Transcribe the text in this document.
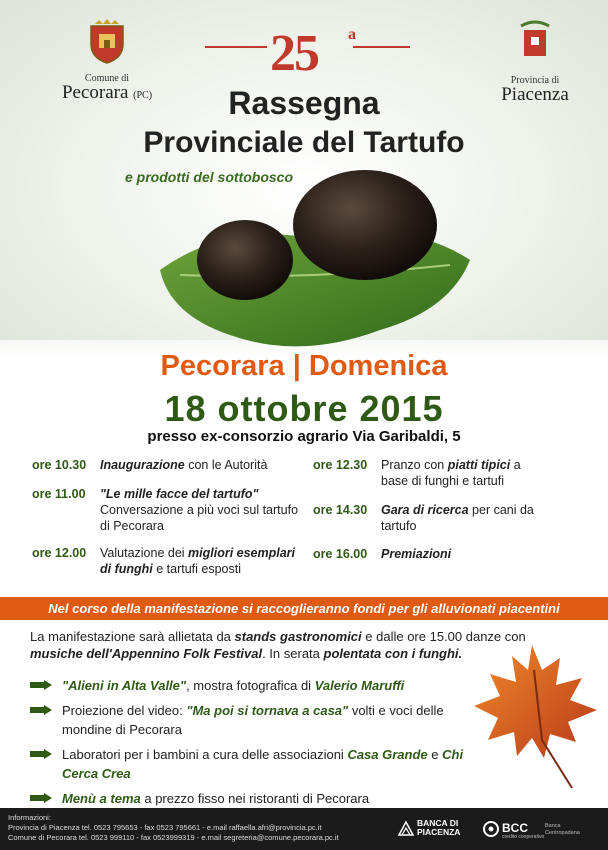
Comune di
Pecorara (PC)
Provincia di
Piacenza
25 a
Rassegna
Provinciale del Tartufo
e prodotti del sottobosco
Pecorara | Domenica
18 ottobre 2015
presso ex-consorzio agrario Via Garibaldi, 5
ore 10.30 Inaugurazione con le Autorità
ore 11.00 "Le mille facce del tartufo" Conversazione a più voci sul tartufo di Pecorara
ore 12.00 Valutazione dei migliori esemplari di funghi e tartufi esposti
ore 12.30 Pranzo con piatti tipici a base di funghi e tartufi
ore 14.30 Gara di ricerca per cani da tartufo
ore 16.00 Premiazioni
Nel corso della manifestazione si raccoglieranno fondi per gli alluvionati piacentini
La manifestazione sarà allietata da stands gastronomici e dalle ore 15.00 danze con musiche dell'Appennino Folk Festival. In serata polentata con i funghi.
"Alieni in Alta Valle", mostra fotografica di Valerio Maruffi
Proiezione del video: "Ma poi si tornava a casa" volti e voci delle mondine di Pecorara
Laboratori per i bambini a cura delle associazioni Casa Grande e Chi Cerca Crea
Menù a tema a prezzo fisso nei ristoranti di Pecorara
Informazioni:
Provincia di Piacenza tel. 0523 795653 - fax 0523 795661 - e.mail raffaella.afri@provincia.pc.it
Comune di Pecorara tel. 0523 999110 - fax 0523999319 - e.mail segreteria@comune.pecorara.pc.it
BANCA DI
PIACENZA	BCC
credito cooperativo
Banca
Centropadana
